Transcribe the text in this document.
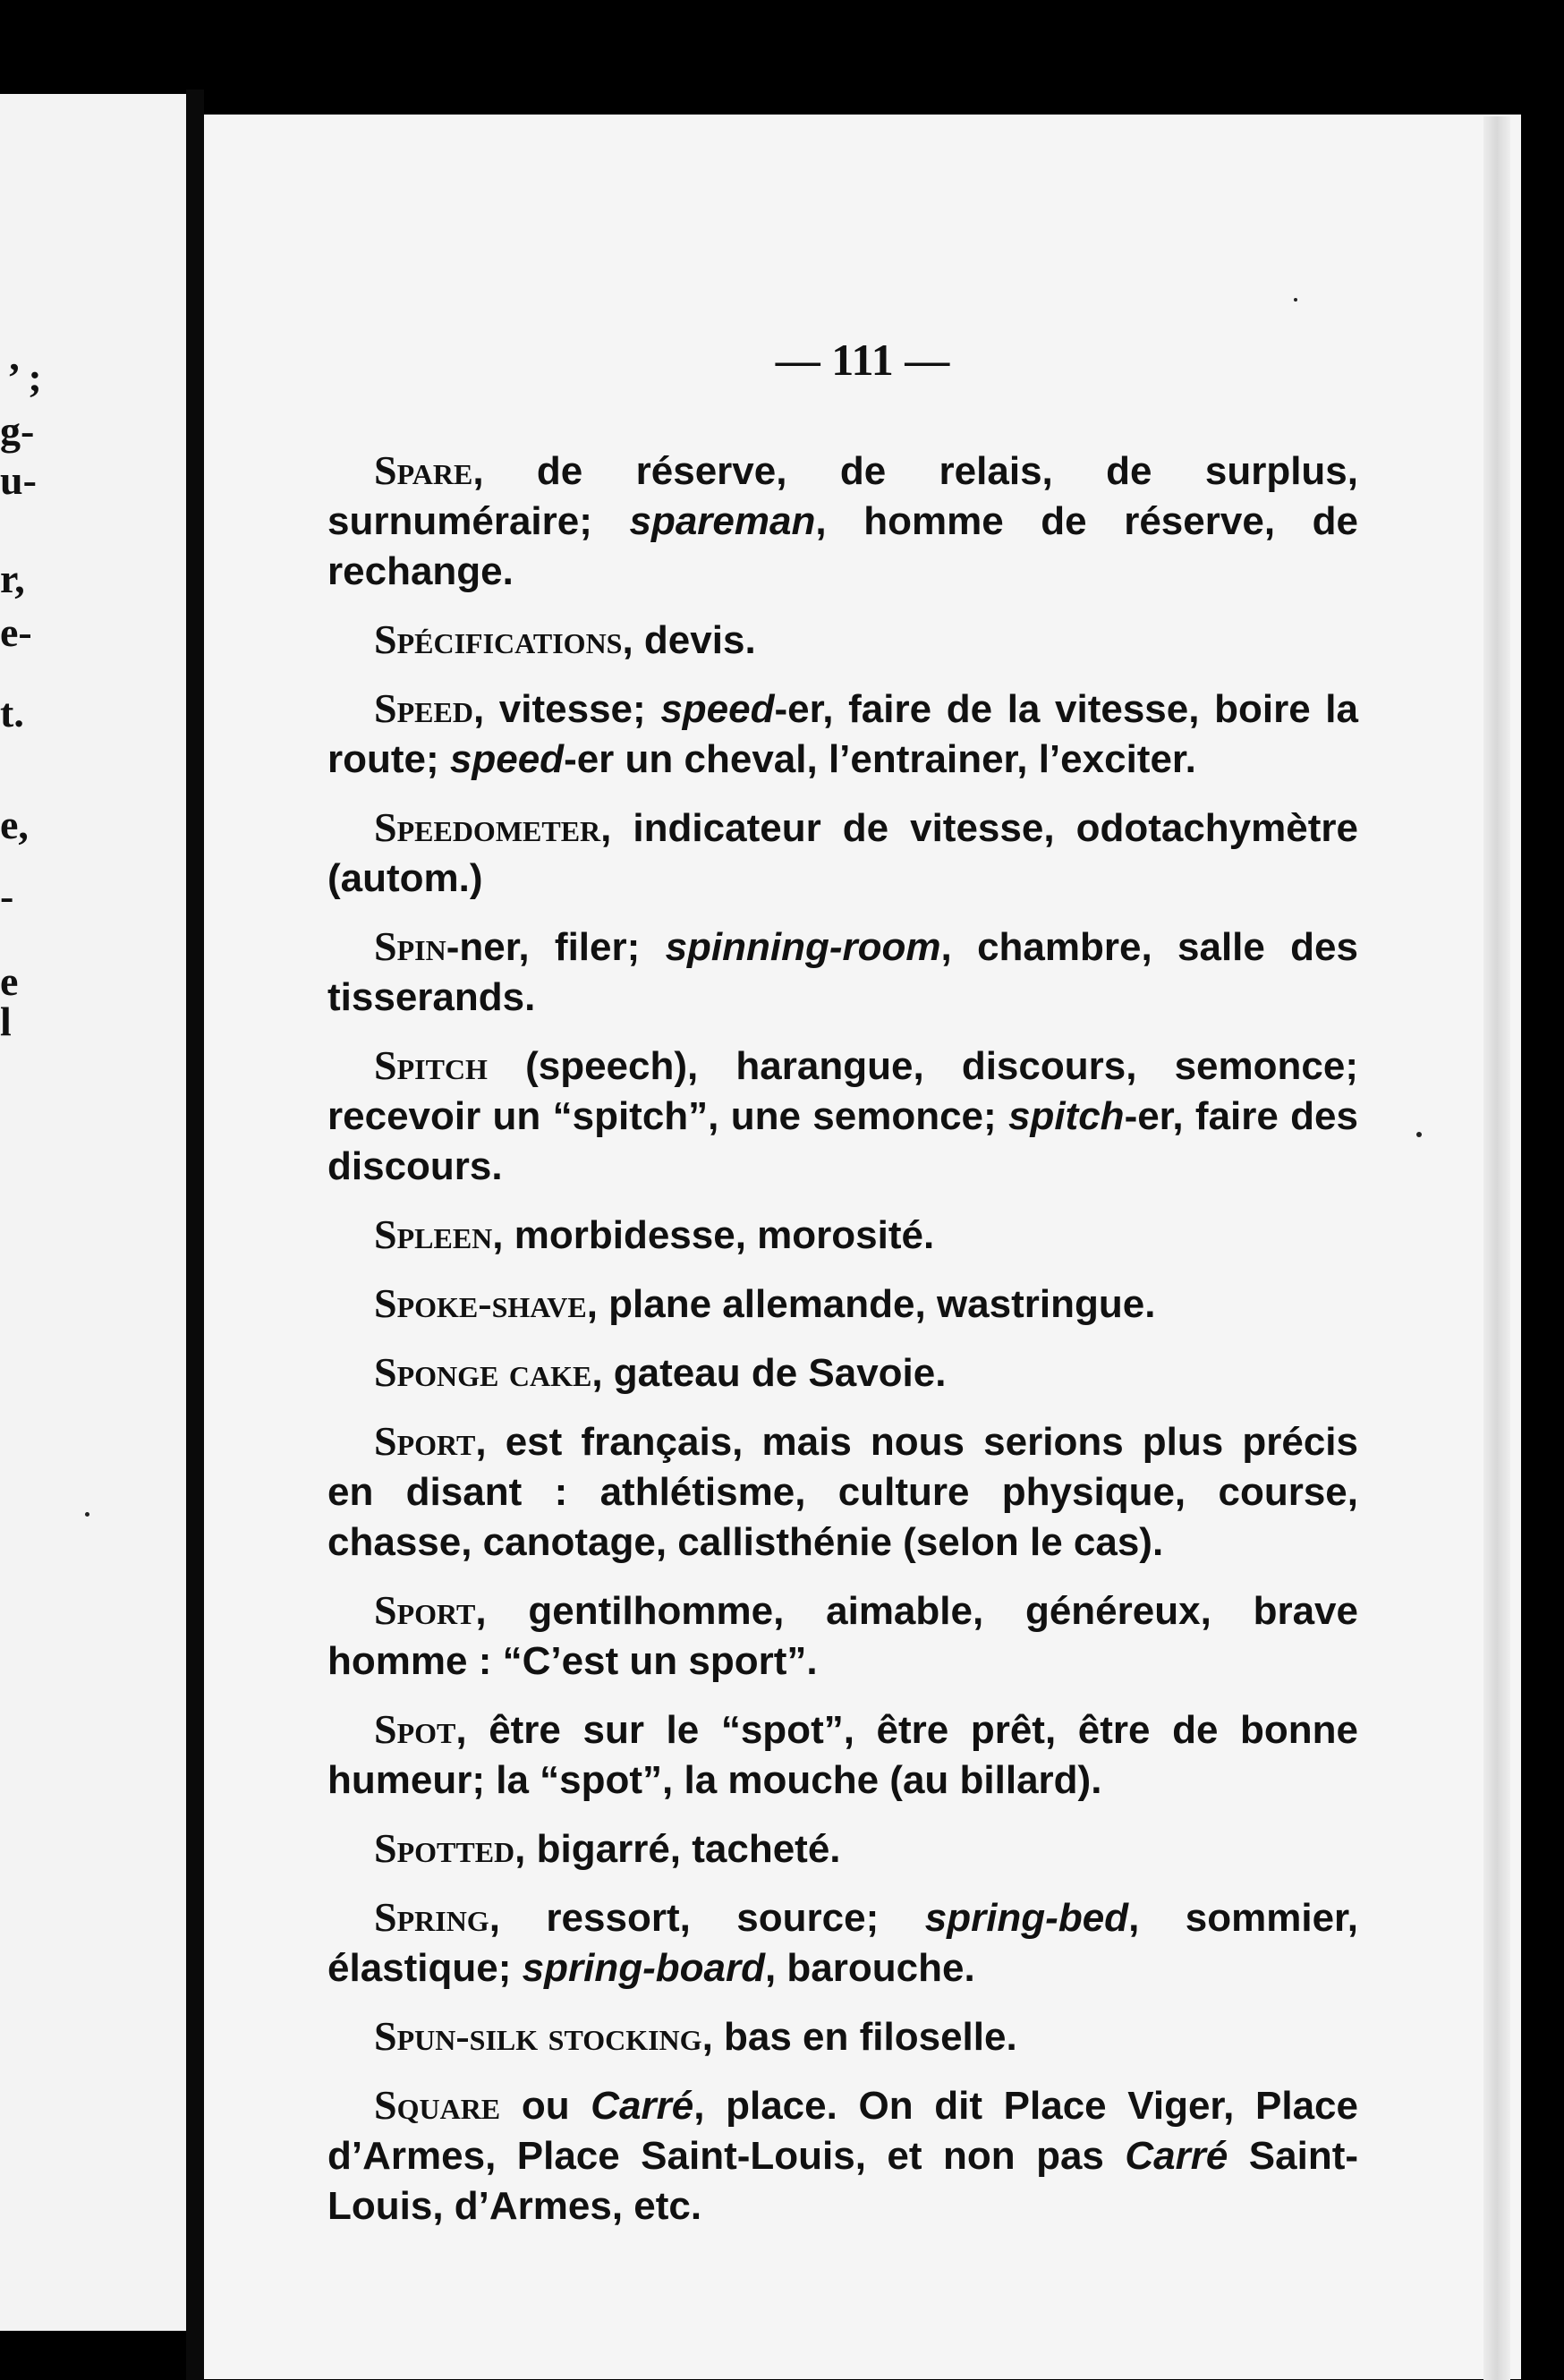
’ ;
g-
u-
r,
e-
t.
e,
-
e
l
— 111 —

Spare, de réserve, de relais, de surplus, surnuméraire; spareman, homme de réserve, de rechange.

Spécifications, devis.

Speed, vitesse; speed-er, faire de la vitesse, boire la route; speed-er un cheval, l’entrainer, l’exciter.

Speedometer, indicateur de vitesse, odotachymètre (autom.)

Spin-ner, filer; spinning-room, chambre, salle des tisserands.

Spitch (speech), harangue, discours, semonce; recevoir un “spitch”, une semonce; spitch-er, faire des discours.

Spleen, morbidesse, morosité.

Spoke-shave, plane allemande, wastringue.

Sponge cake, gateau de Savoie.

Sport, est français, mais nous serions plus précis en disant : athlétisme, culture physique, course, chasse, canotage, callisthénie (selon le cas).

Sport, gentilhomme, aimable, généreux, brave homme : “C’est un sport”.

Spot, être sur le “spot”, être prêt, être de bonne humeur; la “spot”, la mouche (au billard).

Spotted, bigarré, tacheté.

Spring, ressort, source; spring-bed, sommier, élastique; spring-board, barouche.

Spun-silk stocking, bas en filoselle.

Square ou Carré, place. On dit Place Viger, Place d’Armes, Place Saint-Louis, et non pas Carré Saint-Louis, d’Armes, etc.
